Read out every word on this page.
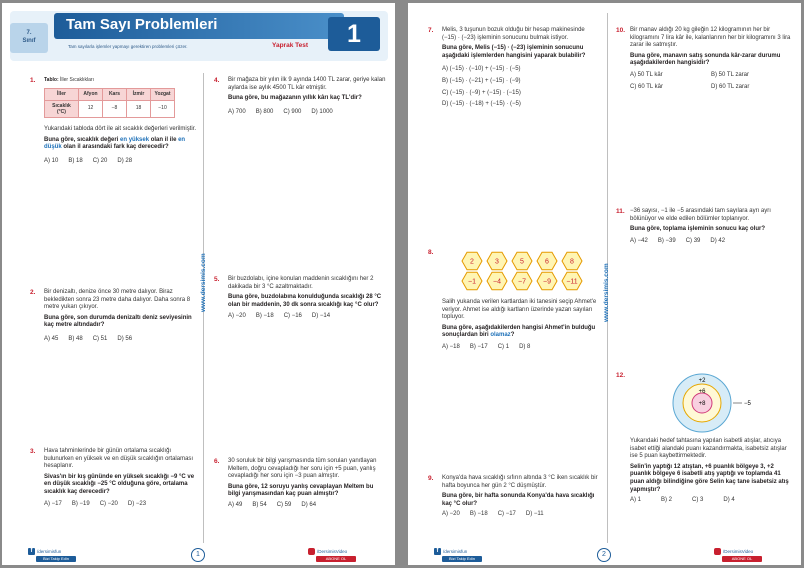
7.
Sınıf
Tam Sayı Problemleri
Tam sayılarla işlemler yapmayı gerektiren problemleri çözer.	Yaprak Test	1
www.dersimis.com
1. Tablo: İller Sıcaklıkları
İller	Afyon	Kars	İzmir	Yozgat
Sıcaklık (°C)	12	−8	18	−10

Yukarıdaki tabloda dört ile ait sıcaklık değerleri verilmiştir.

Buna göre, sıcaklık değeri en yüksek olan il ile en düşük olan il arasındaki fark kaç derecedir?

A) 10 B) 18 C) 20 D) 28
2. Bir denizaltı, denize önce 30 metre dalıyor. Biraz bekledikten sonra 23 metre daha dalıyor. Daha sonra 8 metre yukarı çıkıyor.

Buna göre, son durumda denizaltı deniz seviyesinin kaç metre altındadır?

A) 45 B) 48 C) 51 D) 56
3. Hava tahminlerinde bir günün ortalama sıcaklığı bulunurken en yüksek ve en düşük sıcaklığın ortalaması hesaplanır.

Sivas'ın bir kış gününde en yüksek sıcaklığı −9 °C ve en düşük sıcaklığı −25 °C olduğuna göre, ortalama sıcaklık kaç derecedir?

A) −17 B) −19 C) −20 D) −23
4. Bir mağaza bir yılın ilk 9 ayında 1400 TL zarar, geriye kalan aylarda ise aylık 4500 TL kâr etmiştir.

Buna göre, bu mağazanın yıllık kârı kaç TL'dir?

A) 700 B) 800 C) 900 D) 1000
5. Bir buzdolabı, içine konulan maddenin sıcaklığını her 2 dakikada bir 3 °C azaltmaktadır.

Buna göre, buzdolabına konulduğunda sıcaklığı 28 °C olan bir maddenin, 30 dk sonra sıcaklığı kaç °C olur?

A) −20 B) −18 C) −16 D) −14
6. 30 soruluk bir bilgi yarışmasında tüm soruları yanıtlayan Meltem, doğru cevapladığı her soru için +5 puan, yanlış cevapladığı her soru için −3 puan almıştır.

Buna göre, 12 soruyu yanlış cevaplayan Meltem bu bilgi yarışmasından kaç puan almıştır?

A) 49 B) 54 C) 59 D) 64
f	/dersimisfun
Bizi Takip Edin
1	/DersimisVideo
ABONE OL
www.dersimis.com
7. Melis, 3 tuşunun bozuk olduğu bir hesap makinesinde (−15) · (−23) işleminin sonucunu bulmak istiyor.

Buna göre, Melis (−15) · (−23) işleminin sonucunu aşağıdaki işlemlerden hangisini yaparak bulabilir?

A) (−15) · (−10) + (−15) · (−5)
B) (−15) · (−21) + (−15) · (−9)
C) (−15) · (−9) + (−15) · (−15)
D) (−15) · (−18) + (−15) · (−5)
8.
2	3	5	6	8
−1 −4 −7 −9 −11

Salih yukarıda verilen kartlardan iki tanesini seçip Ahmet'e veriyor. Ahmet ise aldığı kartların üzerinde yazan sayıları topluyor.

Buna göre, aşağıdakilerden hangisi Ahmet'in bulduğu sonuçlardan biri olamaz?

A) −18 B) −17 C) 1 D) 8
9. Konya'da hava sıcaklığı sıfırın altında 3 °C iken sıcaklık bir hafta boyunca her gün 2 °C düşmüştür.

Buna göre, bir hafta sonunda Konya'da hava sıcaklığı kaç °C olur?

A) −20 B) −18 C) −17 D) −11
10. Bir manav aldığı 20 kg gileğin 12 kilogramının her bir kilogramını 7 lira kâr ile, kalanlarının her bir kilogramını 3 lira zarar ile satmıştır.

Buna göre, manavın satış sonunda kâr-zarar durumu aşağıdakilerden hangisidir?

A) 50 TL kâr	B) 50 TL zarar
C) 60 TL kâr	D) 60 TL zarar
11. −36 sayısı, −1 ile −5 arasındaki tam sayılara ayrı ayrı bölünüyor ve elde edilen bölümler toplanıyor.

Buna göre, toplama işleminin sonucu kaç olur?

A) −42 B) −39 C) 39 D) 42
12.
+2
+6
+8	−5

Yukarıdaki hedef tahtasına yapılan isabetli atışlar, atıcıya isabet ettiği alandaki puanı kazandırmakta, isabetsiz atışlar ise 5 puan kaybettirmektedir.

Selin'in yaptığı 12 atıştan, +6 puanlık bölgeye 3, +2 puanlık bölgeye 6 isabetli atış yaptığı ve toplamda 41 puan aldığı bilindiğine göre Selin kaç tane isabetsiz atış yapmıştır?

A) 1	B) 2	C) 3	D) 4
f	/dersimisfun
Bizi Takip Edin
2	/DersimisVideo
ABONE OL
